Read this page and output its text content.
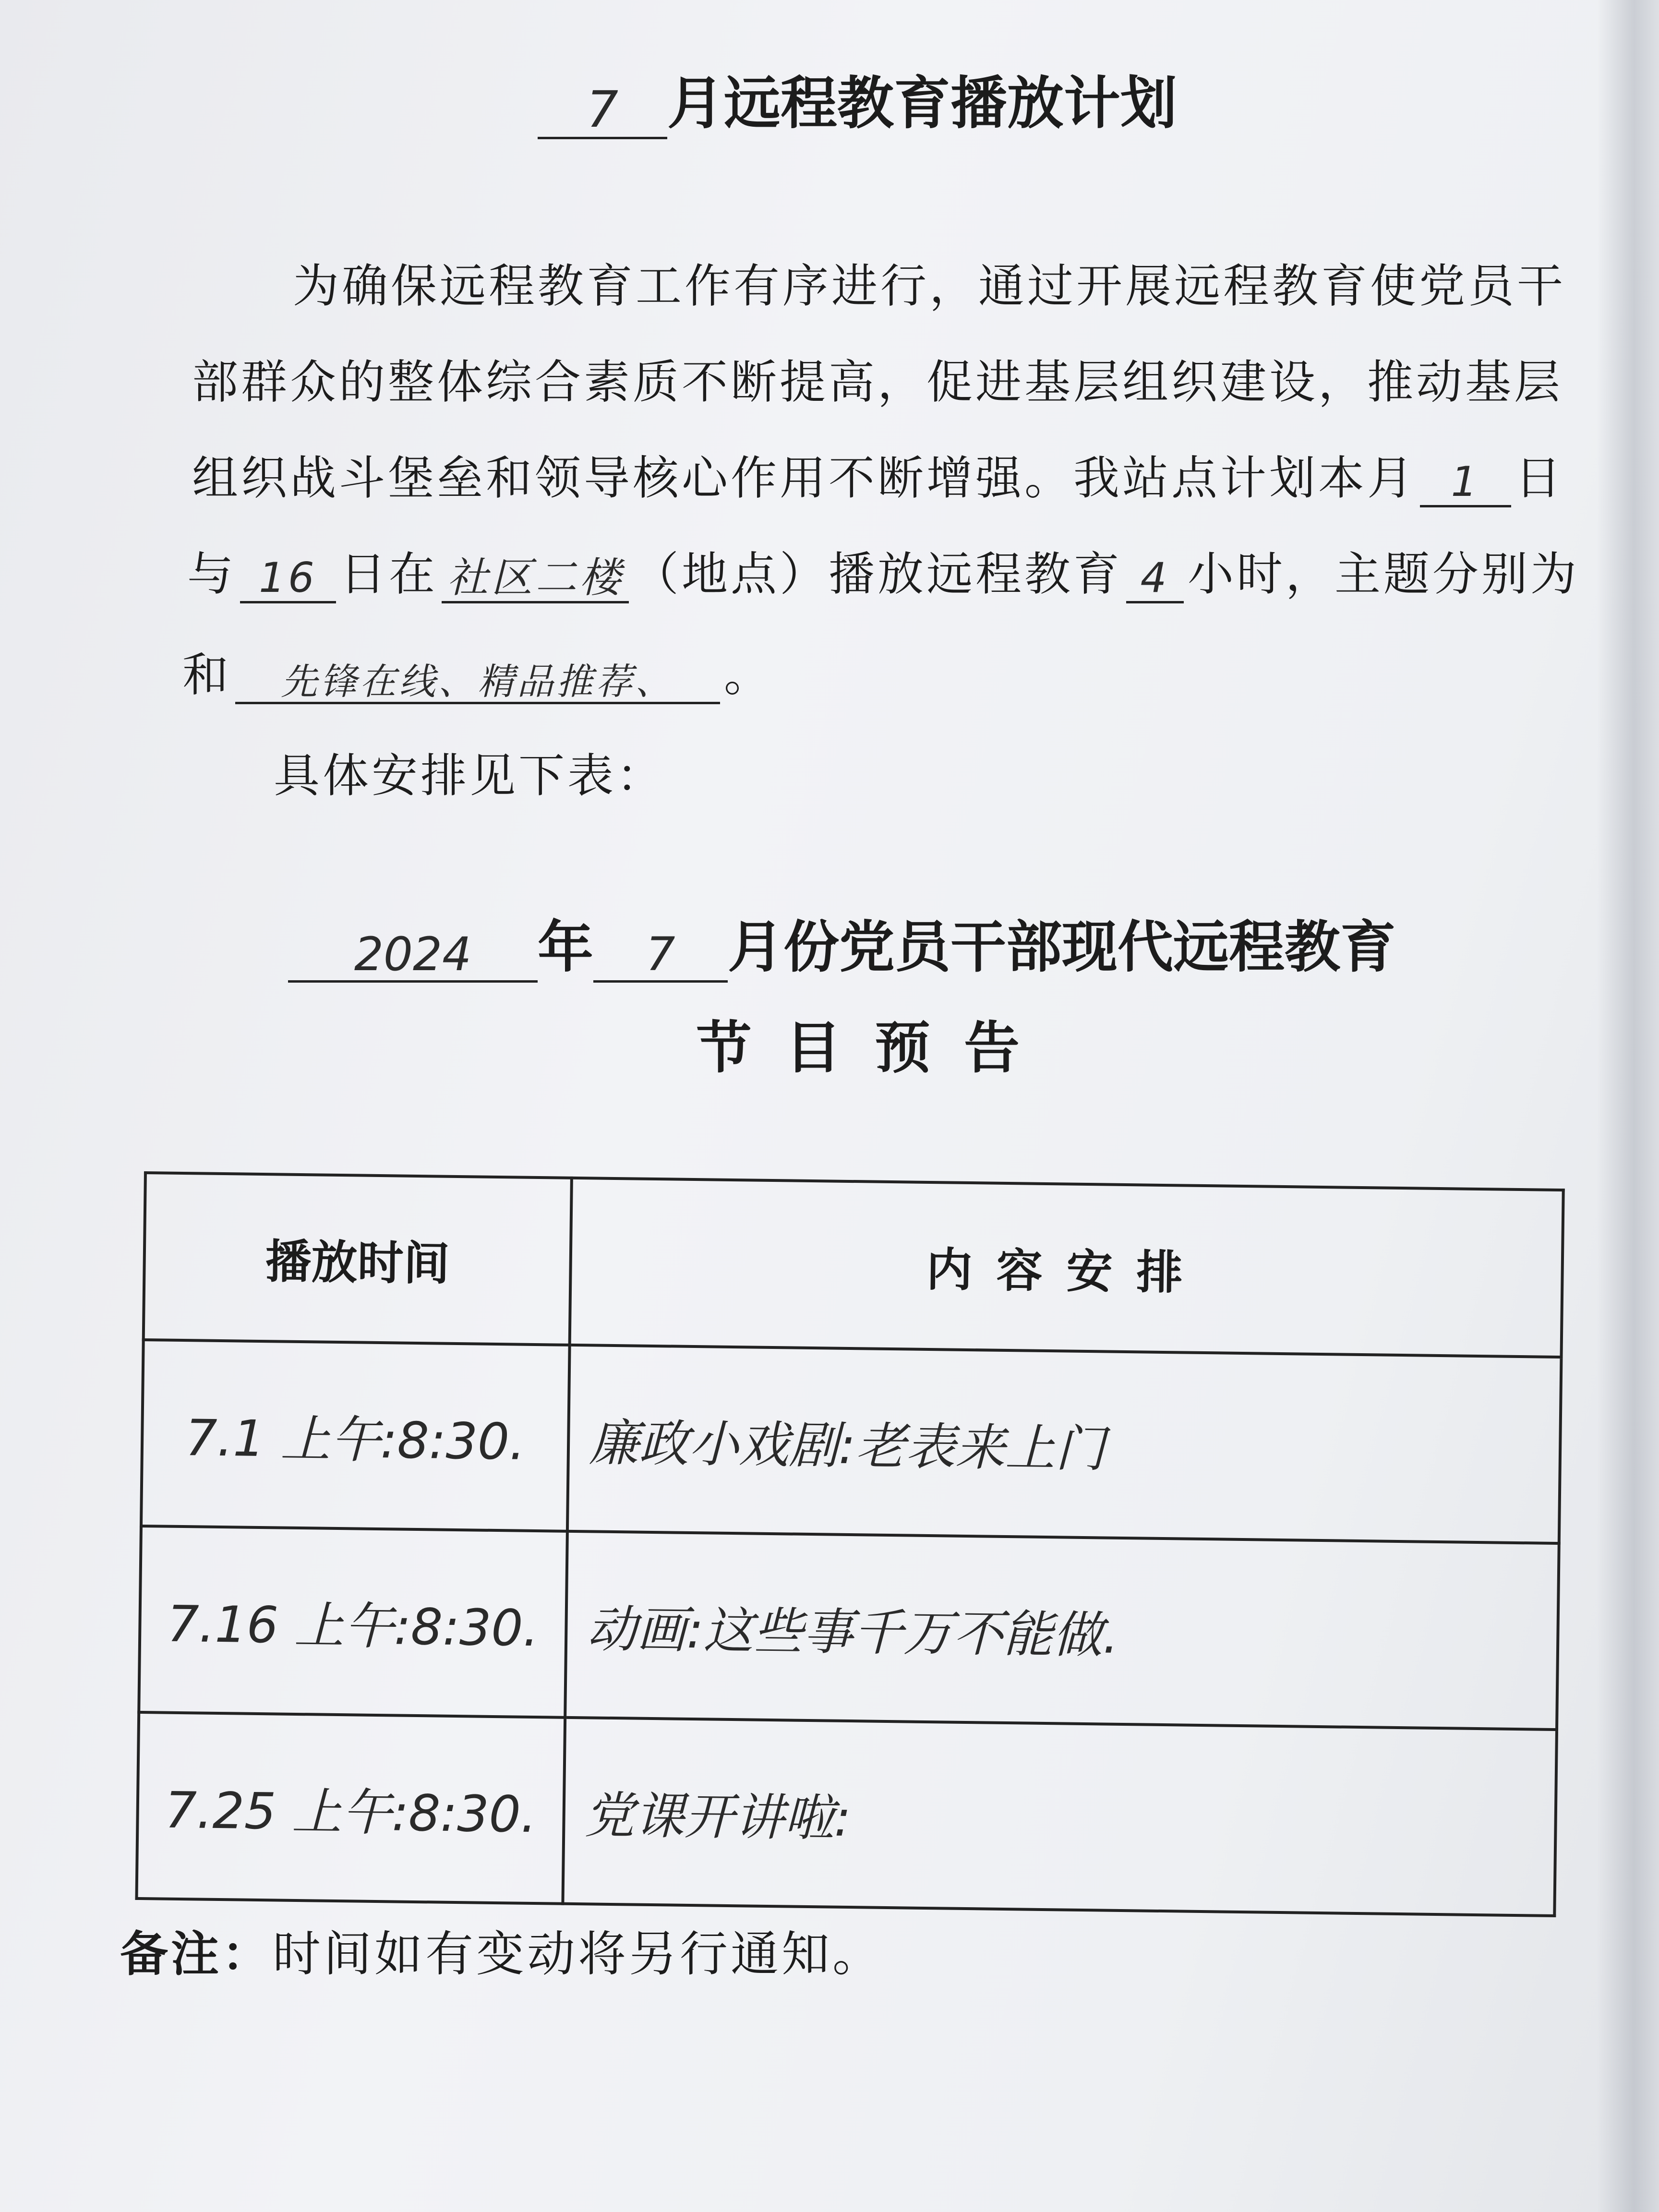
7 月远程教育播放计划
为确保远程教育工作有序进行，通过开展远程教育使党员干
部群众的整体综合素质不断提高，促进基层组织建设，推动基层
组织战斗堡垒和领导核心作用不断增强。我站点计划本月 1 日
与 16 日在 社区二楼 （地点）播放远程教育 4 小时，主题分别为
和	先锋在线、精品推荐、	。
具体安排见下表：
2024	年	7 月份党员干部现代远程教育
节目预告
播放时间	内容安排
7.1 上午:8:30.	廉政小戏剧:老表来上门
7.16 上午:8:30.	动画:这些事千万不能做.
7.25 上午:8:30.	党课开讲啦:
备注：时间如有变动将另行通知。
